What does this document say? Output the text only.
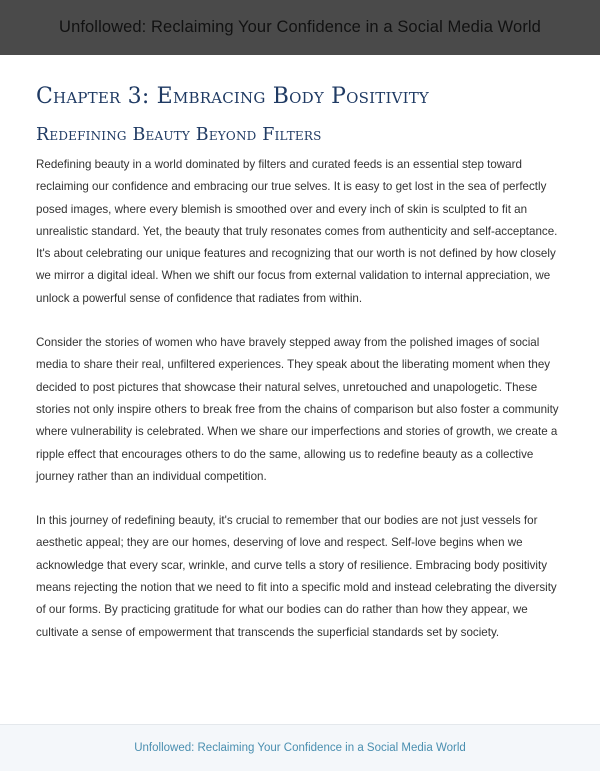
Unfollowed: Reclaiming Your Confidence in a Social Media World
Chapter 3: Embracing Body Positivity
Redefining Beauty Beyond Filters

Redefining beauty in a world dominated by filters and curated feeds is an essential step toward reclaiming our confidence and embracing our true selves. It is easy to get lost in the sea of perfectly posed images, where every blemish is smoothed over and every inch of skin is sculpted to fit an unrealistic standard. Yet, the beauty that truly resonates comes from authenticity and self-acceptance. It's about celebrating our unique features and recognizing that our worth is not defined by how closely we mirror a digital ideal. When we shift our focus from external validation to internal appreciation, we unlock a powerful sense of confidence that radiates from within.

Consider the stories of women who have bravely stepped away from the polished images of social media to share their real, unfiltered experiences. They speak about the liberating moment when they decided to post pictures that showcase their natural selves, unretouched and unapologetic. These stories not only inspire others to break free from the chains of comparison but also foster a community where vulnerability is celebrated. When we share our imperfections and stories of growth, we create a ripple effect that encourages others to do the same, allowing us to redefine beauty as a collective journey rather than an individual competition.

In this journey of redefining beauty, it's crucial to remember that our bodies are not just vessels for aesthetic appeal; they are our homes, deserving of love and respect. Self-love begins when we acknowledge that every scar, wrinkle, and curve tells a story of resilience. Embracing body positivity means rejecting the notion that we need to fit into a specific mold and instead celebrating the diversity of our forms. By practicing gratitude for what our bodies can do rather than how they appear, we cultivate a sense of empowerment that transcends the superficial standards set by society.

Unfollowed: Reclaiming Your Confidence in a Social Media World
